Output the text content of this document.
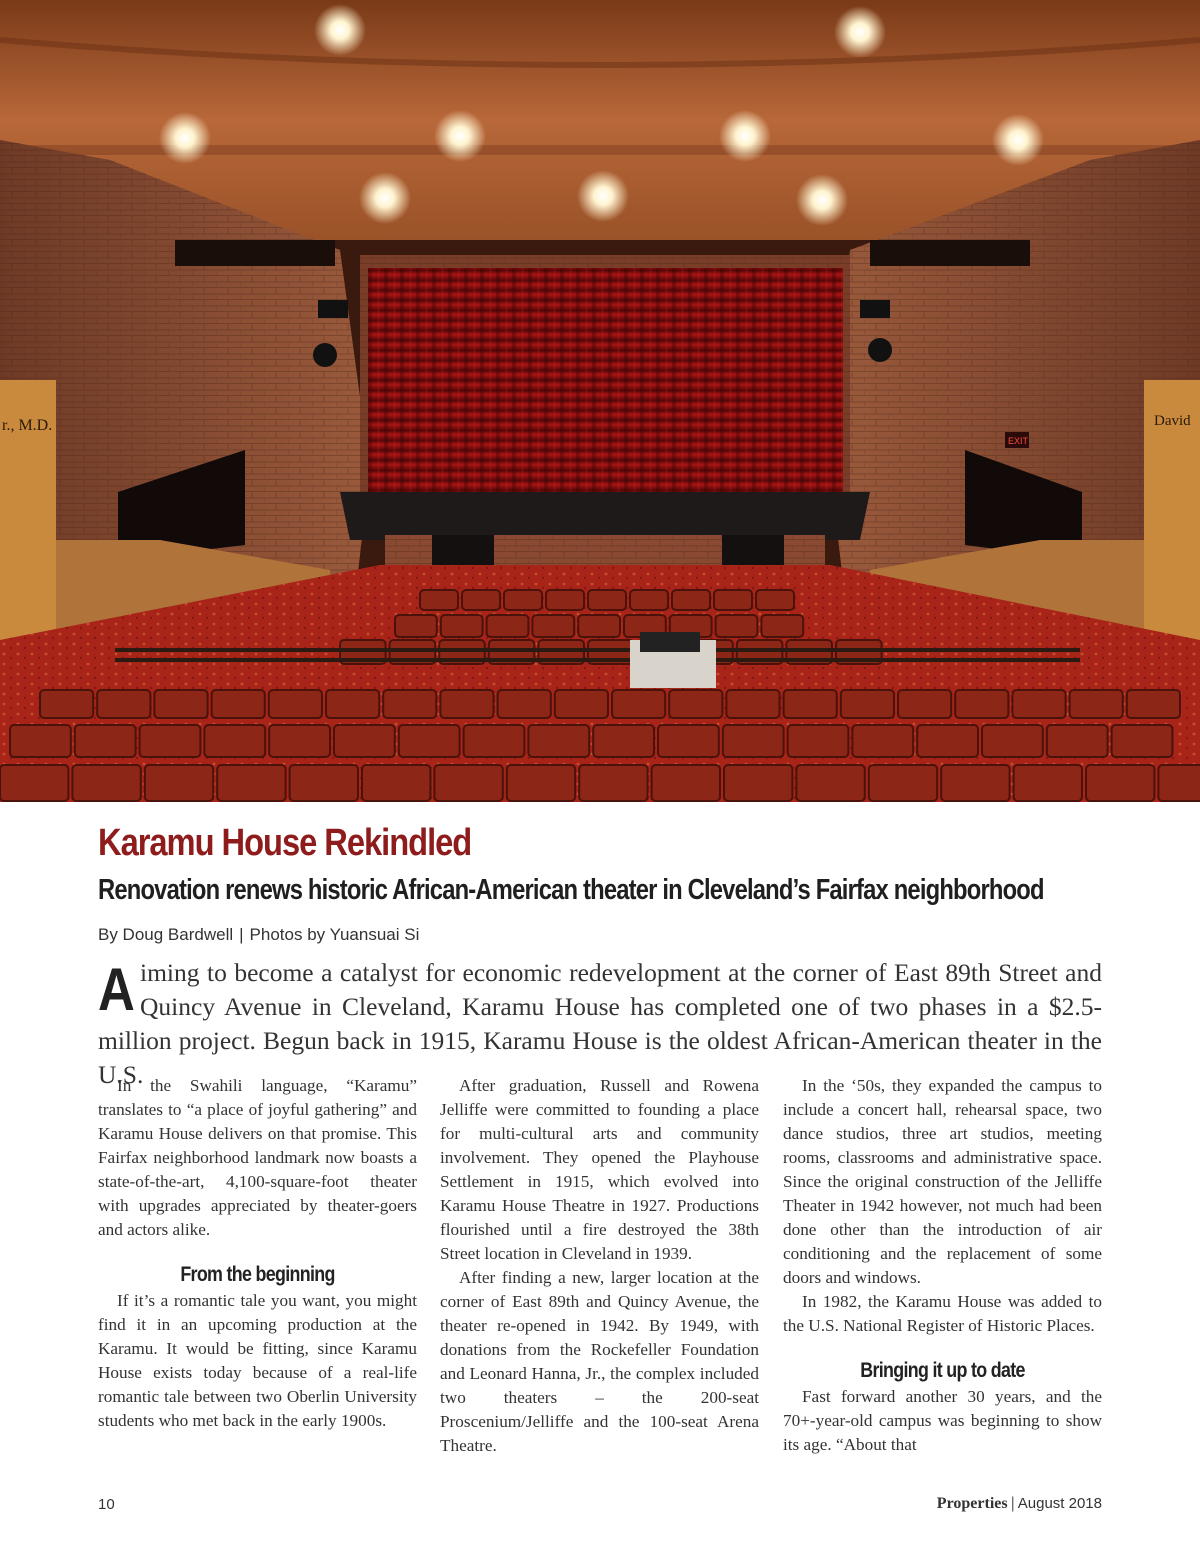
r., M.D.	David
EXIT
Karamu House Rekindled
Renovation renews historic African-American theater in Cleveland’s Fairfax neighborhood
By Doug Bardwell | Photos by Yuansuai Si

Aiming to become a catalyst for economic redevelopment at the corner of East 89th Street and Quincy Avenue in Cleveland, Karamu House has completed one of two phases in a $2.5-million project. Begun back in 1915, Karamu House is the oldest African-American theater in the U.S.

In the Swahili language, “Karamu” translates to “a place of joyful gathering” and Karamu House delivers on that promise. This Fairfax neighborhood landmark now boasts a state-of-the-art, 4,100-square-foot theater with upgrades appreciated by theater-goers and actors alike.

From the beginning

If it’s a romantic tale you want, you might find it in an upcoming production at the Karamu. It would be fitting, since Karamu House exists today because of a real-life romantic tale between two Oberlin University students who met back in the early 1900s.

After graduation, Russell and Rowena Jelliffe were committed to founding a place for multi-cultural arts and community involvement. They opened the Playhouse Settlement in 1915, which evolved into Karamu House Theatre in 1927. Productions flourished until a fire destroyed the 38th Street location in Cleveland in 1939.

After finding a new, larger location at the corner of East 89th and Quincy Avenue, the theater re-opened in 1942. By 1949, with donations from the Rockefeller Foundation and Leonard Hanna, Jr., the complex included two theaters – the 200-seat Proscenium/Jelliffe and the 100-seat Arena Theatre.

In the ‘50s, they expanded the campus to include a concert hall, rehearsal space, two dance studios, three art studios, meeting rooms, classrooms and administrative space. Since the original construction of the Jelliffe Theater in 1942 however, not much had been done other than the introduction of air conditioning and the replacement of some doors and windows.

In 1982, the Karamu House was added to the U.S. National Register of Historic Places.

Bringing it up to date

Fast forward another 30 years, and the 70+-year-old campus was beginning to show its age. “About that

10	Properties | August 2018
